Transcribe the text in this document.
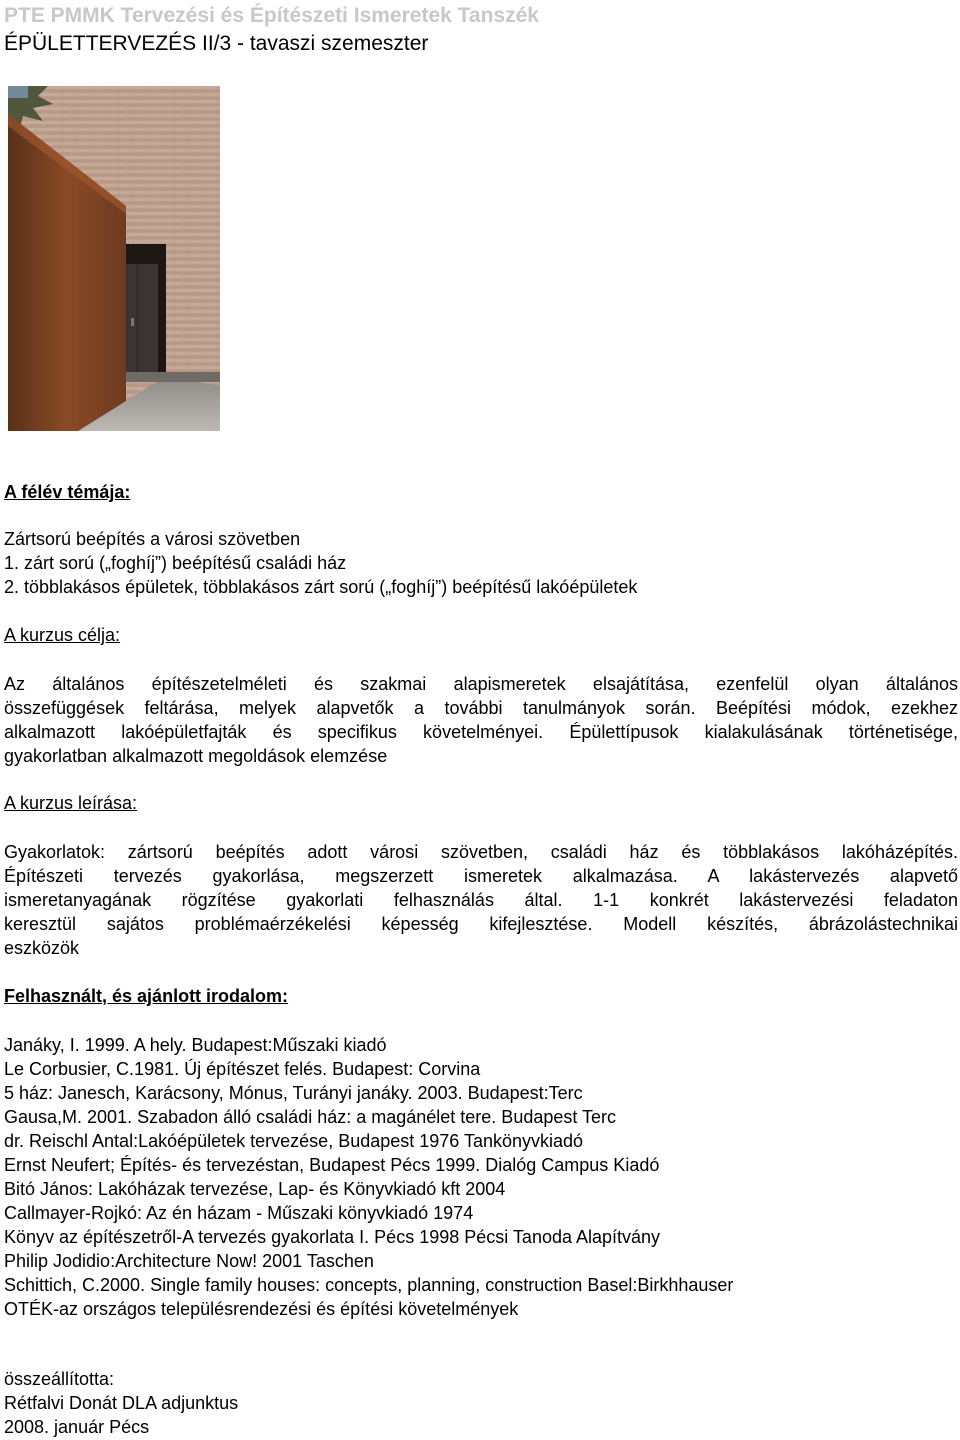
PTE PMMK Tervezési és Építészeti Ismeretek Tanszék
ÉPÜLETTERVEZÉS II/3 - tavaszi szemeszter
A félév témája:
Zártsorú beépítés a városi szövetben
1. zárt sorú („foghíj”) beépítésű családi ház
2. többlakásos épületek, többlakásos zárt sorú („foghíj”) beépítésű lakóépületek
A kurzus célja:
Az általános építészetelméleti és szakmai alapismeretek elsajátítása, ezenfelül olyan általános
összefüggések feltárása, melyek alapvetők a további tanulmányok során. Beépítési módok, ezekhez
alkalmazott lakóépületfajták és specifikus követelményei. Épülettípusok kialakulásának történetisége,
gyakorlatban alkalmazott megoldások elemzése
A kurzus leírása:
Gyakorlatok: zártsorú beépítés adott városi szövetben, családi ház és többlakásos lakóházépítés.
Építészeti tervezés gyakorlása, megszerzett ismeretek alkalmazása. A lakástervezés alapvető
ismeretanyagának rögzítése gyakorlati felhasználás által. 1-1 konkrét lakástervezési feladaton
keresztül sajátos problémaérzékelési képesség kifejlesztése. Modell készítés, ábrázolástechnikai
eszközök
Felhasznált, és ajánlott irodalom:
Janáky, I. 1999. A hely. Budapest:Műszaki kiadó
Le Corbusier, C.1981. Új építészet felés. Budapest: Corvina
5 ház: Janesch, Karácsony, Mónus, Turányi janáky. 2003. Budapest:Terc
Gausa,M. 2001. Szabadon álló családi ház: a magánélet tere. Budapest Terc
dr. Reischl Antal:Lakóépületek tervezése, Budapest 1976 Tankönyvkiadó
Ernst Neufert; Építés- és tervezéstan, Budapest Pécs 1999. Dialóg Campus Kiadó
Bitó János: Lakóházak tervezése, Lap- és Könyvkiadó kft 2004
Callmayer-Rojkó: Az én házam - Műszaki könyvkiadó 1974
Könyv az építészetről-A tervezés gyakorlata I. Pécs 1998 Pécsi Tanoda Alapítvány
Philip Jodidio:Architecture Now! 2001 Taschen
Schittich, C.2000. Single family houses: concepts, planning, construction Basel:Birkhhauser
OTÉK-az országos településrendezési és építési követelmények
összeállította:
Rétfalvi Donát DLA adjunktus
2008. január Pécs
